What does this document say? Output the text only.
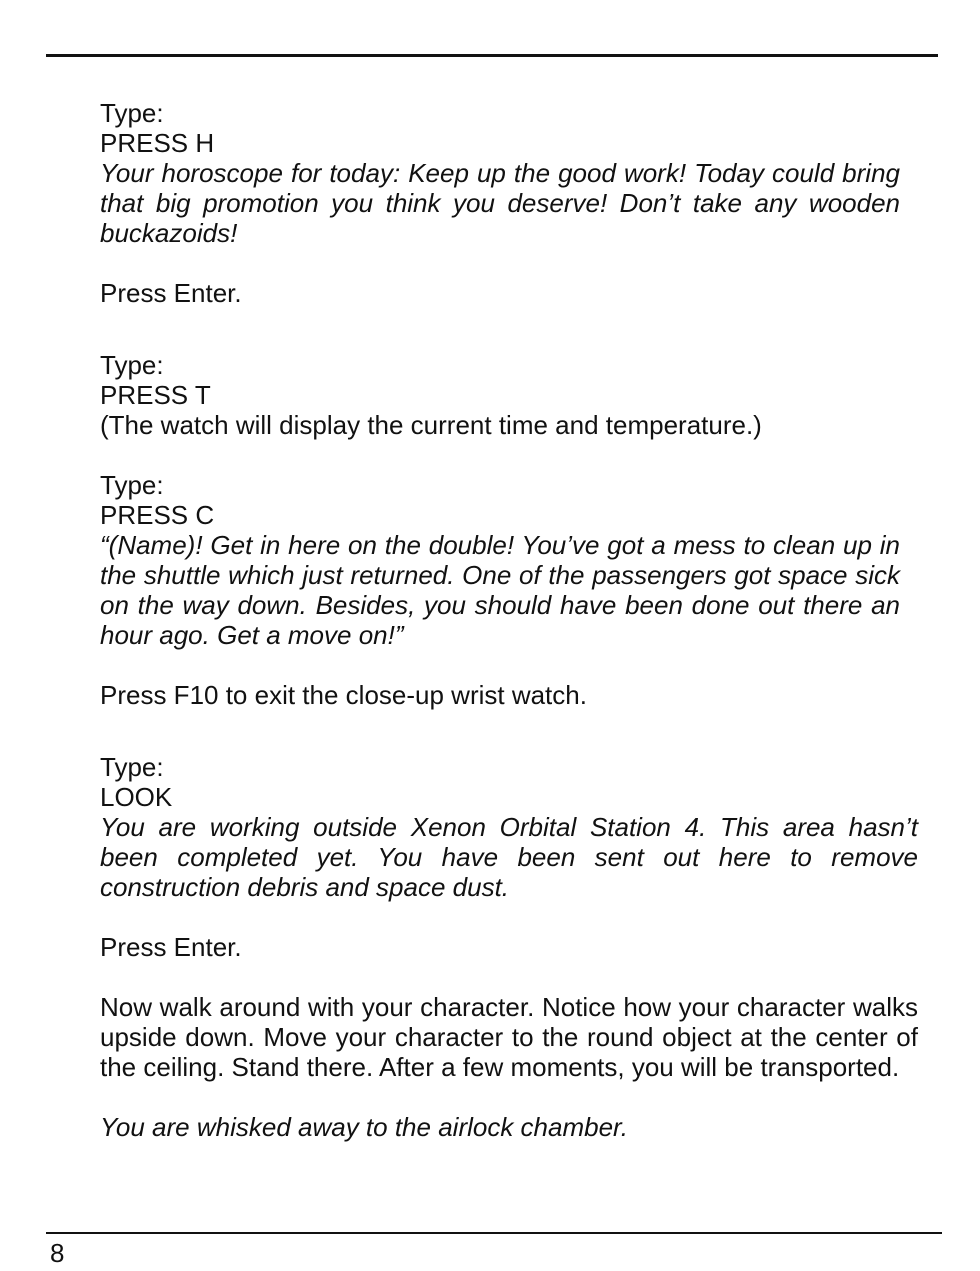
Type:
PRESS H
Your horoscope for today: Keep up the good work! Today could bring that big promotion you think you deserve! Don’t take any wooden buckazoids!
Press Enter.
Type:
PRESS T
(The watch will display the current time and temperature.)
Type:
PRESS C
“(Name)! Get in here on the double! You’ve got a mess to clean up in the shuttle which just returned. One of the passengers got space sick on the way down. Besides, you should have been done out there an hour ago. Get a move on!”
Press F10 to exit the close-up wrist watch.
Type:
LOOK
You are working outside Xenon Orbital Station 4. This area hasn’t been completed yet. You have been sent out here to remove construction debris and space dust.
Press Enter.
Now walk around with your character. Notice how your character walks upside down. Move your character to the round object at the center of the ceiling. Stand there. After a few moments, you will be transported.
You are whisked away to the airlock chamber.
8
